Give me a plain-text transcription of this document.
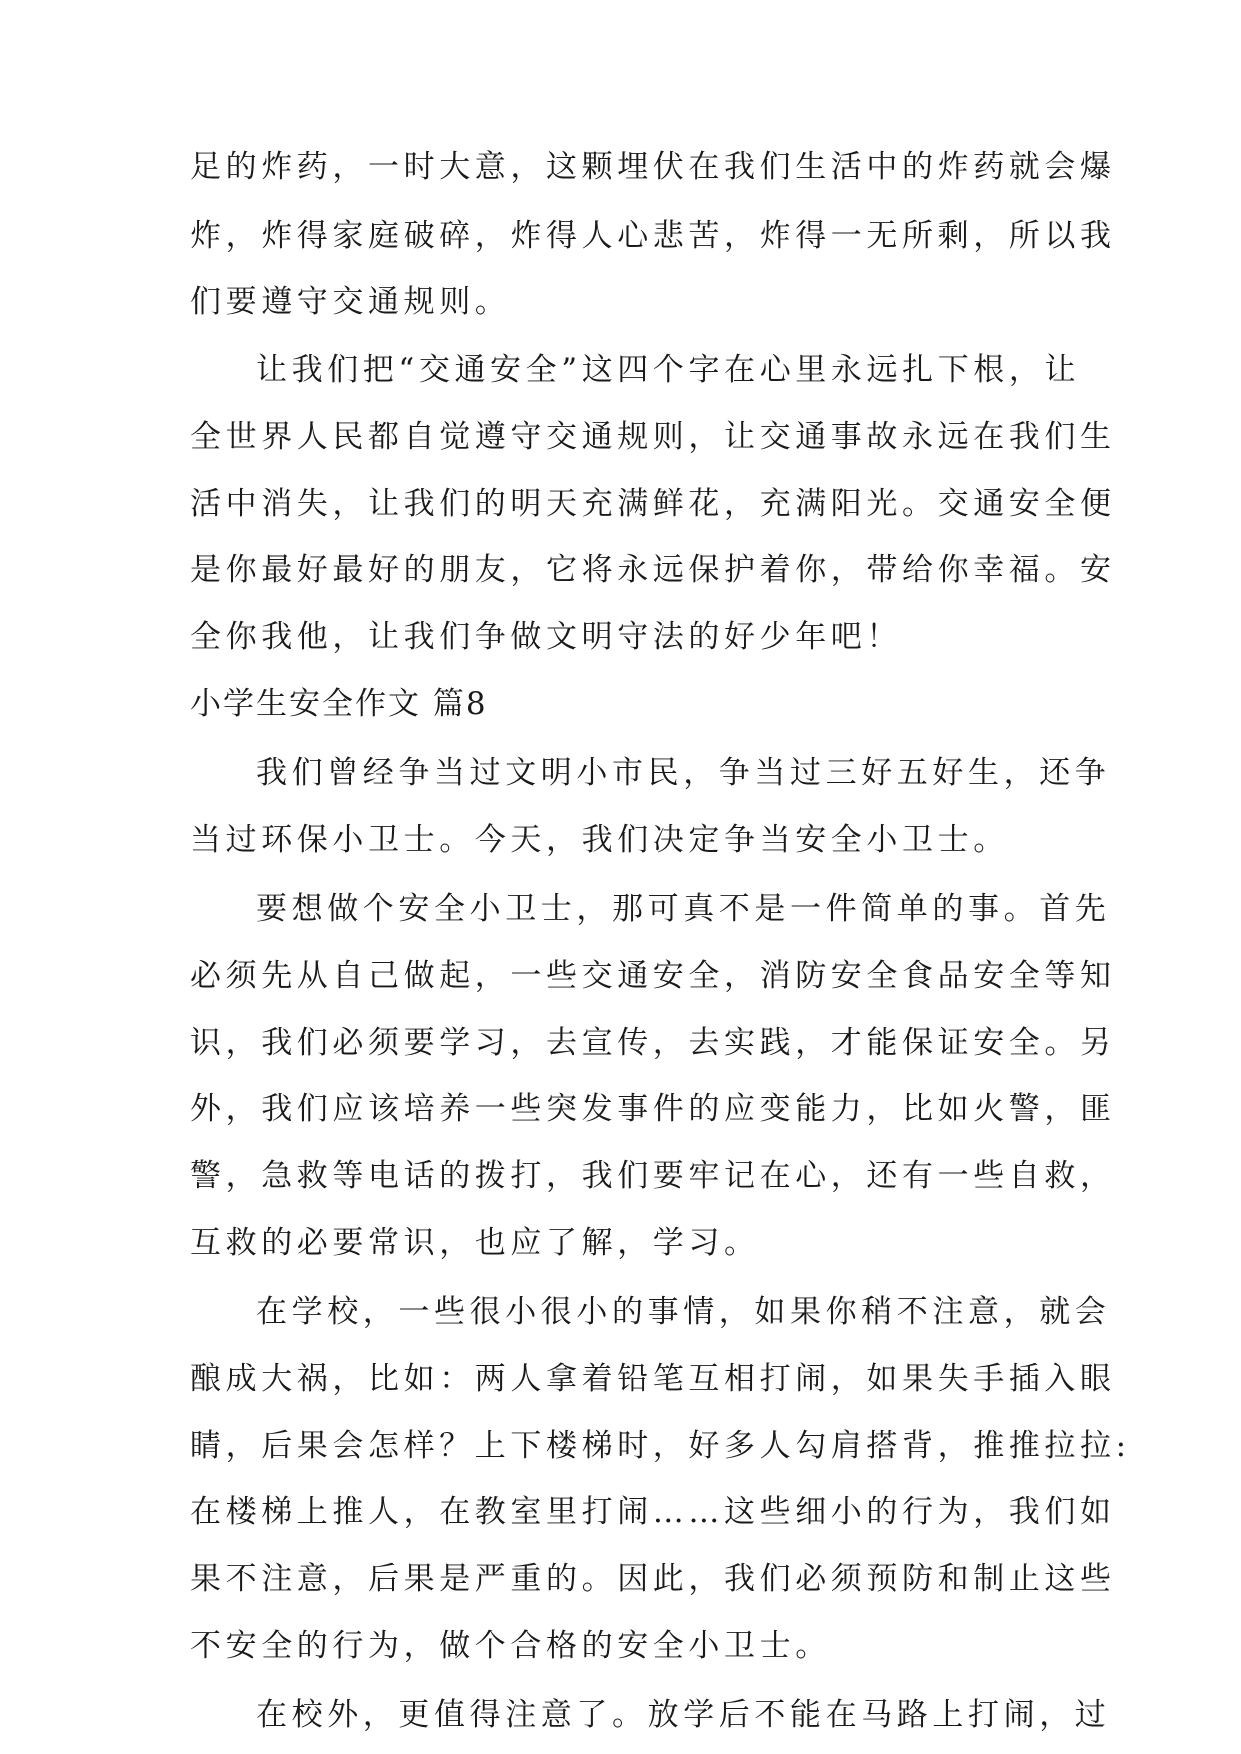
足的炸药，一时大意，这颗埋伏在我们生活中的炸药就会爆
炸，炸得家庭破碎，炸得人心悲苦，炸得一无所剩，所以我
们要遵守交通规则。
让我们把“交通安全”这四个字在心里永远扎下根，让
全世界人民都自觉遵守交通规则，让交通事故永远在我们生
活中消失，让我们的明天充满鲜花，充满阳光。交通安全便
是你最好最好的朋友，它将永远保护着你，带给你幸福。安
全你我他，让我们争做文明守法的好少年吧！
小学生安全作文 篇8
我们曾经争当过文明小市民，争当过三好五好生，还争
当过环保小卫士。今天，我们决定争当安全小卫士。
要想做个安全小卫士，那可真不是一件简单的事。首先
必须先从自己做起，一些交通安全，消防安全食品安全等知
识，我们必须要学习，去宣传，去实践，才能保证安全。另
外，我们应该培养一些突发事件的应变能力，比如火警，匪
警，急救等电话的拨打，我们要牢记在心，还有一些自救，
互救的必要常识，也应了解，学习。
在学校，一些很小很小的事情，如果你稍不注意，就会
酿成大祸，比如：两人拿着铅笔互相打闹，如果失手插入眼
睛，后果会怎样？上下楼梯时，好多人勾肩搭背，推推拉拉:
在楼梯上推人，在教室里打闹……这些细小的行为，我们如
果不注意，后果是严重的。因此，我们必须预防和制止这些
不安全的行为，做个合格的安全小卫士。
在校外，更值得注意了。放学后不能在马路上打闹，过
